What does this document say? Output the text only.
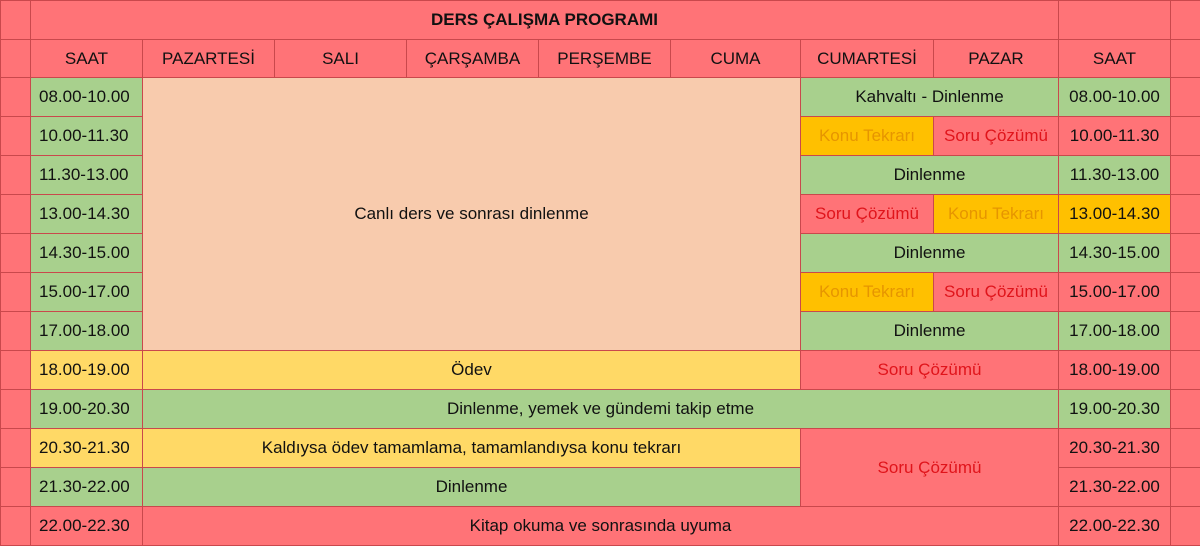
	DERS ÇALIŞMA PROGRAMI									
	SAAT	PAZARTESİ	SALI	ÇARŞAMBA	PERŞEMBE	CUMA	CUMARTESİ	PAZAR	SAAT	
	08.00-10.00	Canlı ders ve sonrası dinlenme					Kahvaltı - Dinlenme		08.00-10.00	
	10.00-11.30						Konu Tekrarı	Soru Çözümü	10.00-11.30	
	11.30-13.00						Dinlenme		11.30-13.00	
	13.00-14.30						Soru Çözümü	Konu Tekrarı	13.00-14.30	
	14.30-15.00						Dinlenme		14.30-15.00	
	15.00-17.00						Konu Tekrarı	Soru Çözümü	15.00-17.00	
	17.00-18.00						Dinlenme		17.00-18.00	
	18.00-19.00	Ödev					Soru Çözümü		18.00-19.00	
	19.00-20.30	Dinlenme, yemek ve gündemi takip etme							19.00-20.30	
	20.30-21.30	Kaldıysa ödev tamamlama, tamamlandıysa konu tekrarı					Soru Çözümü		20.30-21.30	
	21.30-22.00	Dinlenme							21.30-22.00	
	22.00-22.30	Kitap okuma ve sonrasında uyuma							22.00-22.30	
